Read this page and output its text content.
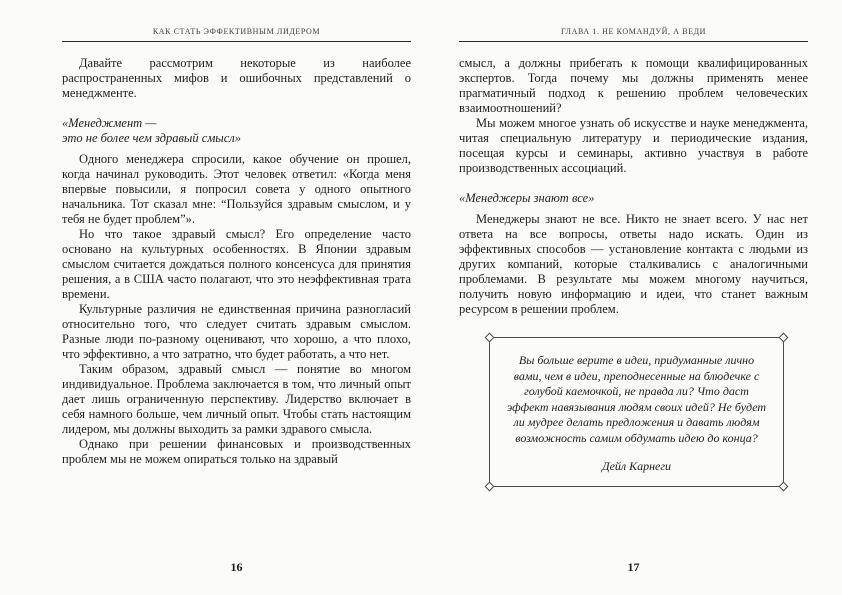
КАК СТАТЬ ЭФФЕКТИВНЫМ ЛИДЕРОМ

Давайте рассмотрим некоторые из наиболее распространенных мифов и ошибочных представлений о менеджменте.

«Менеджмент —
это не более чем здравый смысл»

Одного менеджера спросили, какое обучение он прошел, когда начинал руководить. Этот человек ответил: «Когда меня впервые повысили, я попросил совета у одного опытного начальника. Тот сказал мне: “Пользуйся здравым смыслом, и у тебя не будет проблем”».

Но что такое здравый смысл? Его определение часто основано на культурных особенностях. В Японии здравым смыслом считается дождаться полного консенсуса для принятия решения, а в США часто полагают, что это неэффективная трата времени.

Культурные различия не единственная причина разногласий относительно того, что следует считать здравым смыслом. Разные люди по-разному оценивают, что хорошо, а что плохо, что эффективно, а что затратно, что будет работать, а что нет.

Таким образом, здравый смысл — понятие во многом индивидуальное. Проблема заключается в том, что личный опыт дает лишь ограниченную перспективу. Лидерство включает в себя намного больше, чем личный опыт. Чтобы стать настоящим лидером, мы должны выходить за рамки здравого смысла.

Однако при решении финансовых и производственных проблем мы не можем опираться только на здравый

16
ГЛАВА 1. НЕ КОМАНДУЙ, А ВЕДИ

смысл, а должны прибегать к помощи квалифицированных экспертов. Тогда почему мы должны применять менее прагматичный подход к решению проблем человеческих взаимоотношений?

Мы можем многое узнать об искусстве и науке менеджмента, читая специальную литературу и периодические издания, посещая курсы и семинары, активно участвуя в работе производственных ассоциаций.

«Менеджеры знают все»

Менеджеры знают не все. Никто не знает всего. У нас нет ответа на все вопросы, ответы надо искать. Один из эффективных способов — установление контакта с людьми из других компаний, которые сталкивались с аналогичными проблемами. В результате мы можем многому научиться, получить новую информацию и идеи, что станет важным ресурсом в решении проблем.

Вы больше верите в идеи, придуманные лично вами, чем в идеи, преподнесенные на блюдечке с голубой каемочкой, не правда ли? Что даст эффект навязывания людям своих идей? Не будет ли мудрее делать предложения и давать людям возможность самим обдумать идею до конца?
Дейл Карнеги
17
